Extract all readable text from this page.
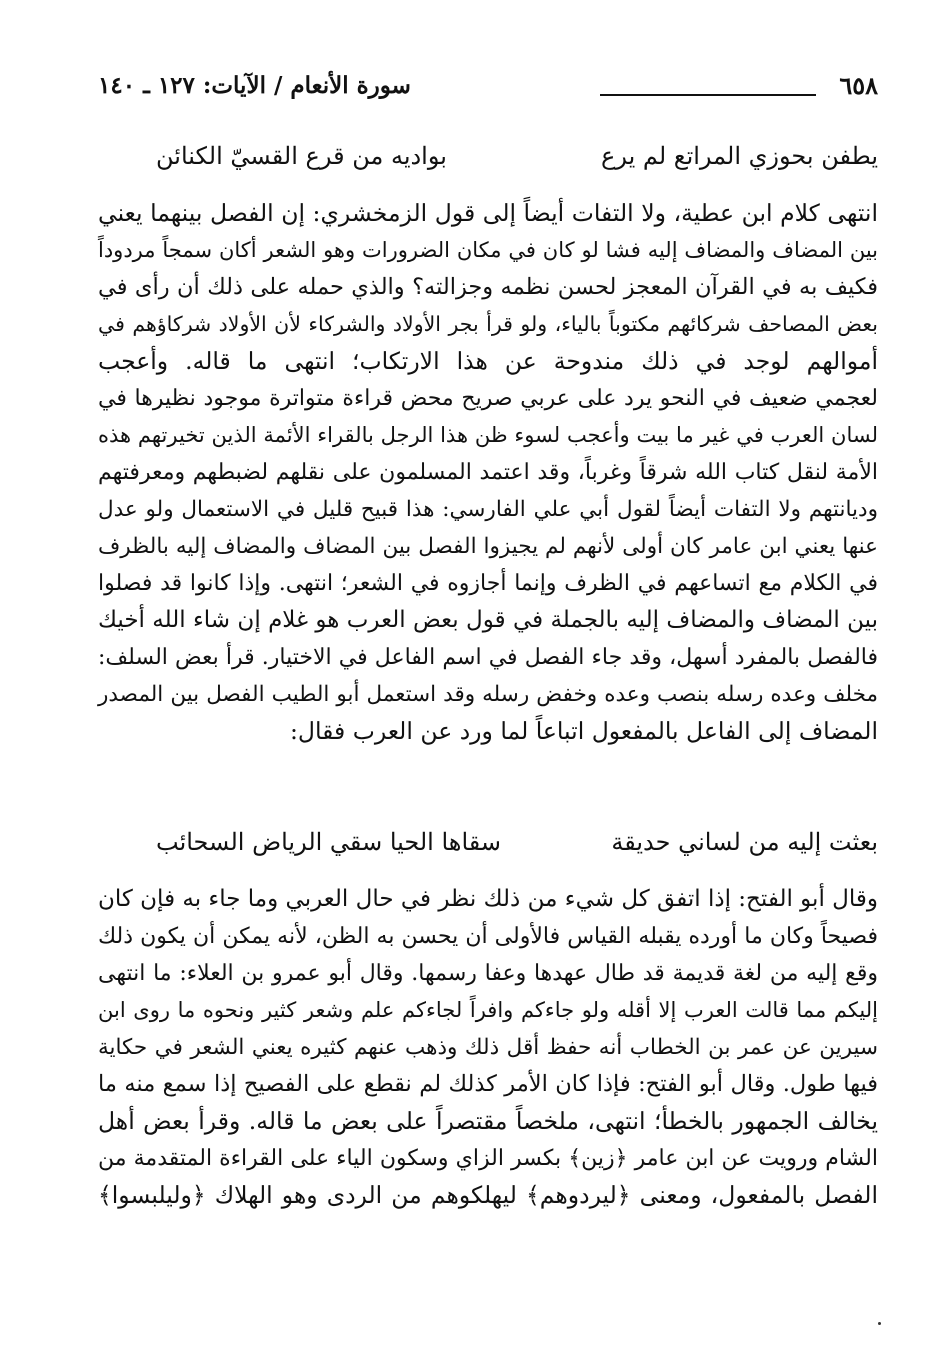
٦٥٨
سورة الأنعام / الآيات: ١٢٧ ـ ١٤٠
يطفن بحوزي المراتع لم يرع
بواديه من قرع القسيّ الكنائن
انتهى كلام ابن عطية، ولا التفات أيضاً إلى قول الزمخشري: إن الفصل بينهما يعني
بين المضاف والمضاف إليه فشا لو كان في مكان الضرورات وهو الشعر أكان سمجاً مردوداً
فكيف به في القرآن المعجز لحسن نظمه وجزالته؟ والذي حمله على ذلك أن رأى في
بعض المصاحف شركائهم مكتوباً بالياء، ولو قرأ بجر الأولاد والشركاء لأن الأولاد شركاؤهم في
أموالهم لوجد في ذلك مندوحة عن هذا الارتكاب؛ انتهى ما قاله. وأعجب
لعجمي ضعيف في النحو يرد على عربي صريح محض قراءة متواترة موجود نظيرها في
لسان العرب في غير ما بيت وأعجب لسوء ظن هذا الرجل بالقراء الأئمة الذين تخيرتهم هذه
الأمة لنقل كتاب الله شرقاً وغرباً، وقد اعتمد المسلمون على نقلهم لضبطهم ومعرفتهم
وديانتهم ولا التفات أيضاً لقول أبي علي الفارسي: هذا قبيح قليل في الاستعمال ولو عدل
عنها يعني ابن عامر كان أولى لأنهم لم يجيزوا الفصل بين المضاف والمضاف إليه بالظرف
في الكلام مع اتساعهم في الظرف وإنما أجازوه في الشعر؛ انتهى. وإذا كانوا قد فصلوا
بين المضاف والمضاف إليه بالجملة في قول بعض العرب هو غلام إن شاء الله أخيك
فالفصل بالمفرد أسهل، وقد جاء الفصل في اسم الفاعل في الاختيار. قرأ بعض السلف:
مخلف وعده رسله بنصب وعده وخفض رسله وقد استعمل أبو الطيب الفصل بين المصدر
المضاف إلى الفاعل بالمفعول اتباعاً لما ورد عن العرب فقال:
بعثت إليه من لساني حديقة
سقاها الحيا سقي الرياض السحائب
وقال أبو الفتح: إذا اتفق كل شيء من ذلك نظر في حال العربي وما جاء به فإن كان
فصيحاً وكان ما أورده يقبله القياس فالأولى أن يحسن به الظن، لأنه يمكن أن يكون ذلك
وقع إليه من لغة قديمة قد طال عهدها وعفا رسمها. وقال أبو عمرو بن العلاء: ما انتهى
إليكم مما قالت العرب إلا أقله ولو جاءكم وافراً لجاءكم علم وشعر كثير ونحوه ما روى ابن
سيرين عن عمر بن الخطاب أنه حفظ أقل ذلك وذهب عنهم كثيره يعني الشعر في حكاية
فيها طول. وقال أبو الفتح: فإذا كان الأمر كذلك لم نقطع على الفصيح إذا سمع منه ما
يخالف الجمهور بالخطأ؛ انتهى، ملخصاً مقتصراً على بعض ما قاله. وقرأ بعض أهل
الشام ورويت عن ابن عامر ﴿زين﴾ بكسر الزاي وسكون الياء على القراءة المتقدمة من
الفصل بالمفعول، ومعنى ﴿ليردوهم﴾ ليهلكوهم من الردى وهو الهلاك ﴿وليلبسوا﴾
